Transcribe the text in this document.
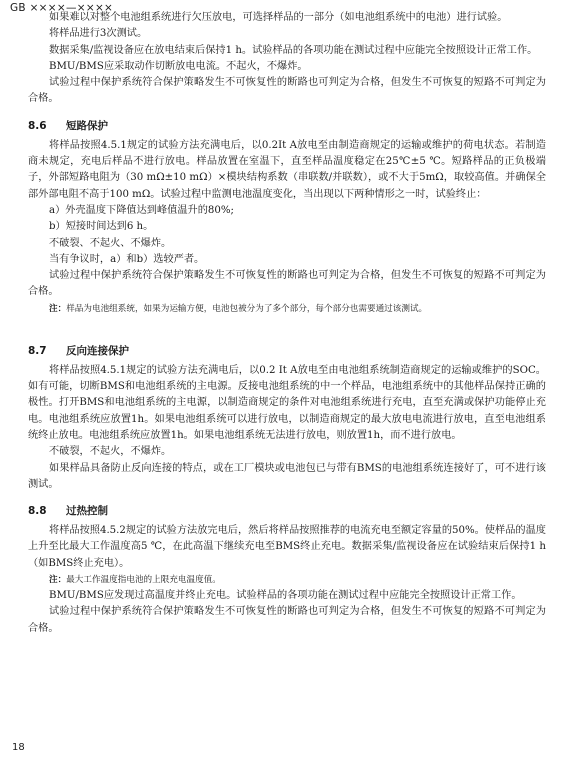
GB ××××—××××

如果难以对整个电池组系统进行欠压放电，可选择样品的一部分（如电池组系统中的电池）进行试验。

将样品进行3次测试。

数据采集/监视设备应在放电结束后保持1 h。试验样品的各项功能在测试过程中应能完全按照设计正常工作。

BMU/BMS应采取动作切断放电电流。不起火，不爆炸。

试验过程中保护系统符合保护策略发生不可恢复性的断路也可判定为合格，但发生不可恢复的短路不可判定为合格。

8.6 短路保护

将样品按照4.5.1规定的试验方法充满电后，以0.2It A放电至由制造商规定的运输或维护的荷电状态。若制造商未规定，充电后样品不进行放电。样品放置在室温下，直至样品温度稳定在25℃±5 ℃。短路样品的正负极端子，外部短路电阻为（30 mΩ±10 mΩ）×模块结构系数（串联数/并联数），或不大于5mΩ，取较高值。并确保全部外部电阻不高于100 mΩ。试验过程中监测电池温度变化，当出现以下两种情形之一时，试验终止：

a）外壳温度下降值达到峰值温升的80%;

b）短接时间达到6 h。

不破裂、不起火、不爆炸。

当有争议时，a）和b）选较严者。

试验过程中保护系统符合保护策略发生不可恢复性的断路也可判定为合格，但发生不可恢复的短路不可判定为合格。

注：样品为电池组系统，如果为运输方便，电池包被分为了多个部分，每个部分也需要通过该测试。

8.7 反向连接保护

将样品按照4.5.1规定的试验方法充满电后，以0.2 It A放电至由电池组系统制造商规定的运输或维护的SOC。如有可能，切断BMS和电池组系统的主电源。反接电池组系统的中一个样品，电池组系统中的其他样品保持正确的极性。打开BMS和电池组系统的主电源，以制造商规定的条件对电池组系统进行充电，直至充满或保护功能停止充电。电池组系统应放置1h。如果电池组系统可以进行放电，以制造商规定的最大放电电流进行放电，直至电池组系统终止放电。电池组系统应放置1h。如果电池组系统无法进行放电，则放置1h，而不进行放电。

不破裂，不起火，不爆炸。

如果样品具备防止反向连接的特点，或在工厂模块或电池包已与带有BMS的电池组系统连接好了，可不进行该测试。

8.8 过热控制

将样品按照4.5.2规定的试验方法放完电后，然后将样品按照推荐的电流充电至额定容量的50%。使样品的温度上升至比最大工作温度高5 ℃，在此高温下继续充电至BMS终止充电。数据采集/监视设备应在试验结束后保持1 h（如BMS终止充电）。

注：最大工作温度指电池的上限充电温度值。

BMU/BMS应发现过高温度并终止充电。试验样品的各项功能在测试过程中应能完全按照设计正常工作。

试验过程中保护系统符合保护策略发生不可恢复性的断路也可判定为合格，但发生不可恢复的短路不可判定为合格。

18
